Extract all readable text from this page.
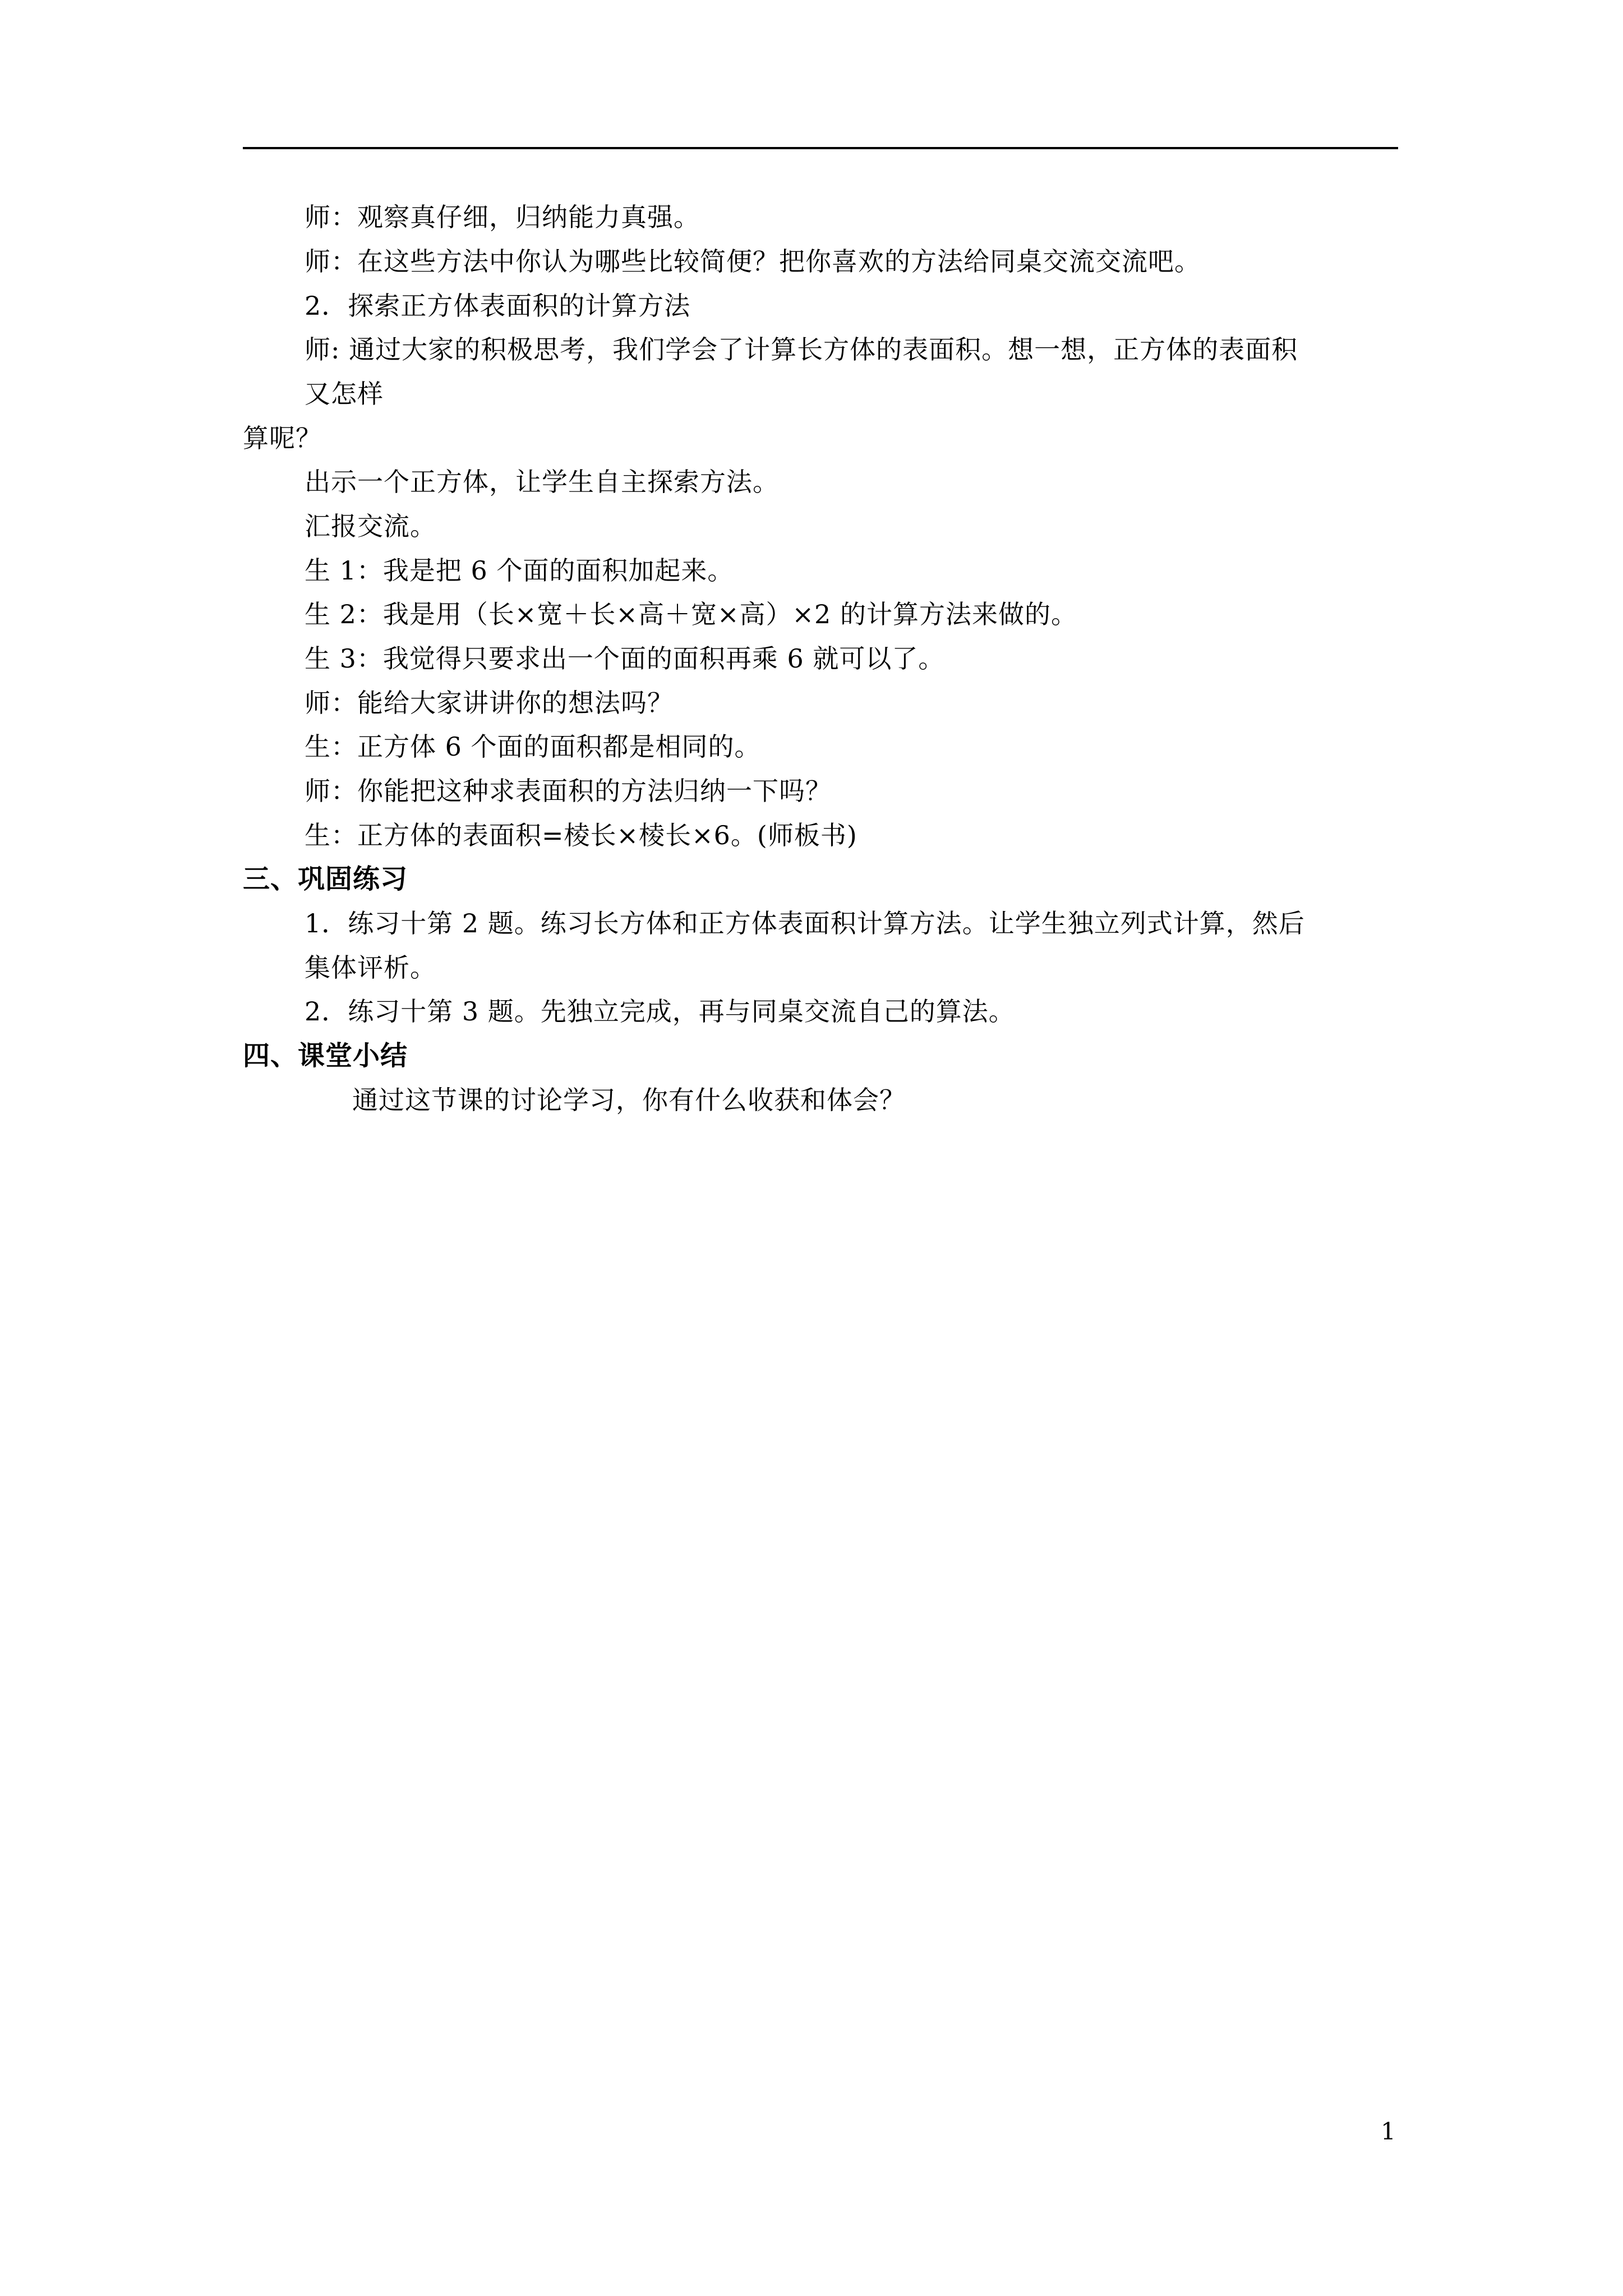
师：观察真仔细，归纳能力真强。
师：在这些方法中你认为哪些比较简便？把你喜欢的方法给同桌交流交流吧。
2．探索正方体表面积的计算方法
师: 通过大家的积极思考，我们学会了计算长方体的表面积。想一想，正方体的表面积
又怎样
算呢？
出示一个正方体，让学生自主探索方法。
汇报交流。
生 1：我是把 6 个面的面积加起来。
生 2：我是用（长×宽＋长×高＋宽×高）×2 的计算方法来做的。
生 3：我觉得只要求出一个面的面积再乘 6 就可以了。
师：能给大家讲讲你的想法吗？
生：正方体 6 个面的面积都是相同的。
师：你能把这种求表面积的方法归纳一下吗？
生：正方体的表面积=棱长×棱长×6。(师板书)
三、巩固练习
1．练习十第 2 题。练习长方体和正方体表面积计算方法。让学生独立列式计算，然后
集体评析。
2．练习十第 3 题。先独立完成，再与同桌交流自己的算法。
四、课堂小结
通过这节课的讨论学习，你有什么收获和体会？
1
